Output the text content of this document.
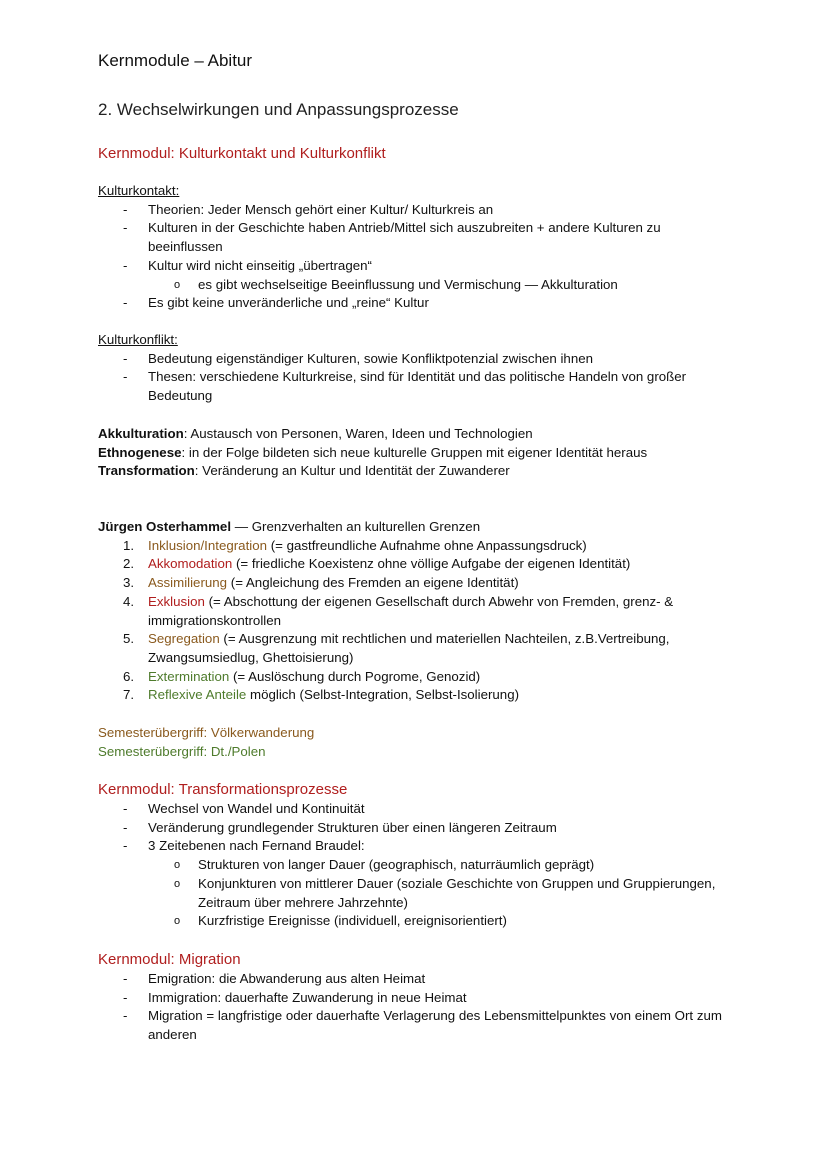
Kernmodule – Abitur
2. Wechselwirkungen und Anpassungsprozesse
Kernmodul: Kulturkontakt und Kulturkonflikt

Kulturkontakt:

- Theorien: Jeder Mensch gehört einer Kultur/ Kulturkreis an
- Kulturen in der Geschichte haben Antrieb/Mittel sich auszubreiten + andere Kulturen zu beeinflussen
- Kultur wird nicht einseitig „übertragen“
o es gibt wechselseitige Beeinflussung und Vermischung — Akkulturation
- Es gibt keine unveränderliche und „reine“ Kultur

Kulturkonflikt:

- Bedeutung eigenständiger Kulturen, sowie Konfliktpotenzial zwischen ihnen
- Thesen: verschiedene Kulturkreise, sind für Identität und das politische Handeln von großer Bedeutung

Akkulturation: Austausch von Personen, Waren, Ideen und Technologien

Ethnogenese: in der Folge bildeten sich neue kulturelle Gruppen mit eigener Identität heraus

Transformation: Veränderung an Kultur und Identität der Zuwanderer

Jürgen Osterhammel — Grenzverhalten an kulturellen Grenzen

1. Inklusion/Integration (= gastfreundliche Aufnahme ohne Anpassungsdruck)
2. Akkomodation (= friedliche Koexistenz ohne völlige Aufgabe der eigenen Identität)
3. Assimilierung (= Angleichung des Fremden an eigene Identität)
4. Exklusion (= Abschottung der eigenen Gesellschaft durch Abwehr von Fremden, grenz- & immigrationskontrollen
5. Segregation (= Ausgrenzung mit rechtlichen und materiellen Nachteilen, z.B.Vertreibung, Zwangsumsiedlug, Ghettoisierung)
6. Extermination (= Auslöschung durch Pogrome, Genozid)
7. Reflexive Anteile möglich (Selbst-Integration, Selbst-Isolierung)

Semesterübergriff: Völkerwanderung

Semesterübergriff: Dt./Polen

Kernmodul: Transformationsprozesse
- Wechsel von Wandel und Kontinuität
- Veränderung grundlegender Strukturen über einen längeren Zeitraum
- 3 Zeitebenen nach Fernand Braudel:
o Strukturen von langer Dauer (geographisch, naturräumlich geprägt)
o Konjunkturen von mittlerer Dauer (soziale Geschichte von Gruppen und Gruppierungen, Zeitraum über mehrere Jahrzehnte)
o Kurzfristige Ereignisse (individuell, ereignisorientiert)
Kernmodul: Migration
- Emigration: die Abwanderung aus alten Heimat
- Immigration: dauerhafte Zuwanderung in neue Heimat
- Migration = langfristige oder dauerhafte Verlagerung des Lebensmittelpunktes von einem Ort zum anderen
